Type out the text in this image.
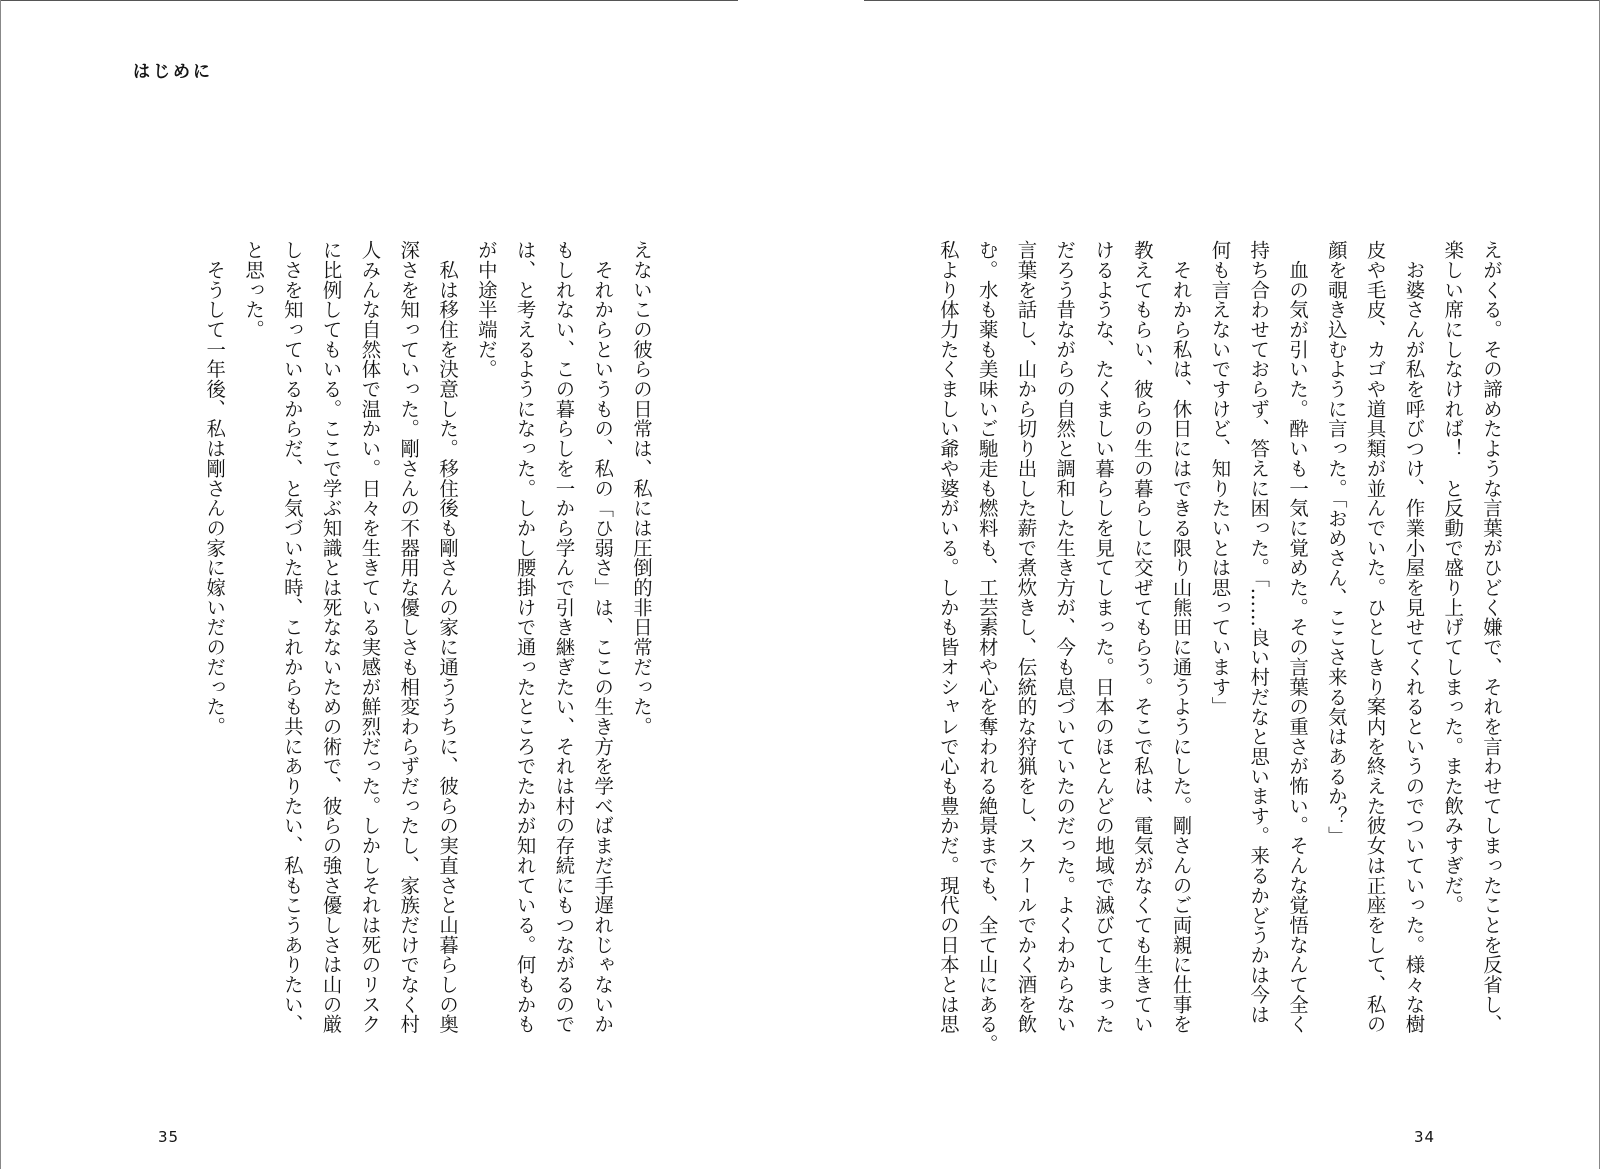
はじめに
35	34
えがくる。その諦めたような言葉がひどく嫌で、それを言わせてしまったことを反省し、
楽しい席にしなければ！　と反動で盛り上げてしまった。また飲みすぎだ。
　お婆さんが私を呼びつけ、作業小屋を見せてくれるというのでついていった。様々な樹
皮や毛皮、カゴや道具類が並んでいた。ひとしきり案内を終えた彼女は正座をして、私の
顔を覗き込むように言った。「おめさん、ここさ来る気はあるか？」
　血の気が引いた。酔いも一気に覚めた。その言葉の重さが怖い。そんな覚悟なんて全く
持ち合わせておらず、答えに困った。「……良い村だなと思います。来るかどうかは今は
何も言えないですけど、知りたいとは思っています」
　それから私は、休日にはできる限り山熊田に通うようにした。剛さんのご両親に仕事を
教えてもらい、彼らの生の暮らしに交ぜてもらう。そこで私は、電気がなくても生きてい
けるような、たくましい暮らしを見てしまった。日本のほとんどの地域で滅びてしまった
だろう昔ながらの自然と調和した生き方が、今も息づいていたのだった。よくわからない
言葉を話し、山から切り出した薪で煮炊きし、伝統的な狩猟をし、スケールでかく酒を飲
む。水も薬も美味いご馳走も燃料も、工芸素材や心を奪われる絶景までも、全て山にある。
私より体力たくましい爺や婆がいる。しかも皆オシャレで心も豊かだ。現代の日本とは思
えないこの彼らの日常は、私には圧倒的非日常だった。
　それからというもの、私の「ひ弱さ」は、ここの生き方を学べばまだ手遅れじゃないか
もしれない、この暮らしを一から学んで引き継ぎたい、それは村の存続にもつながるので
は、と考えるようになった。しかし腰掛けで通ったところでたかが知れている。何もかも
が中途半端だ。
　私は移住を決意した。移住後も剛さんの家に通ううちに、彼らの実直さと山暮らしの奥
深さを知っていった。剛さんの不器用な優しさも相変わらずだったし、家族だけでなく村
人みんな自然体で温かい。日々を生きている実感が鮮烈だった。しかしそれは死のリスク
に比例してもいる。ここで学ぶ知識とは死なないための術で、彼らの強さ優しさは山の厳
しさを知っているからだ、と気づいた時、これからも共にありたい、私もこうありたい、
と思った。
　そうして一年後、私は剛さんの家に嫁いだのだった。
